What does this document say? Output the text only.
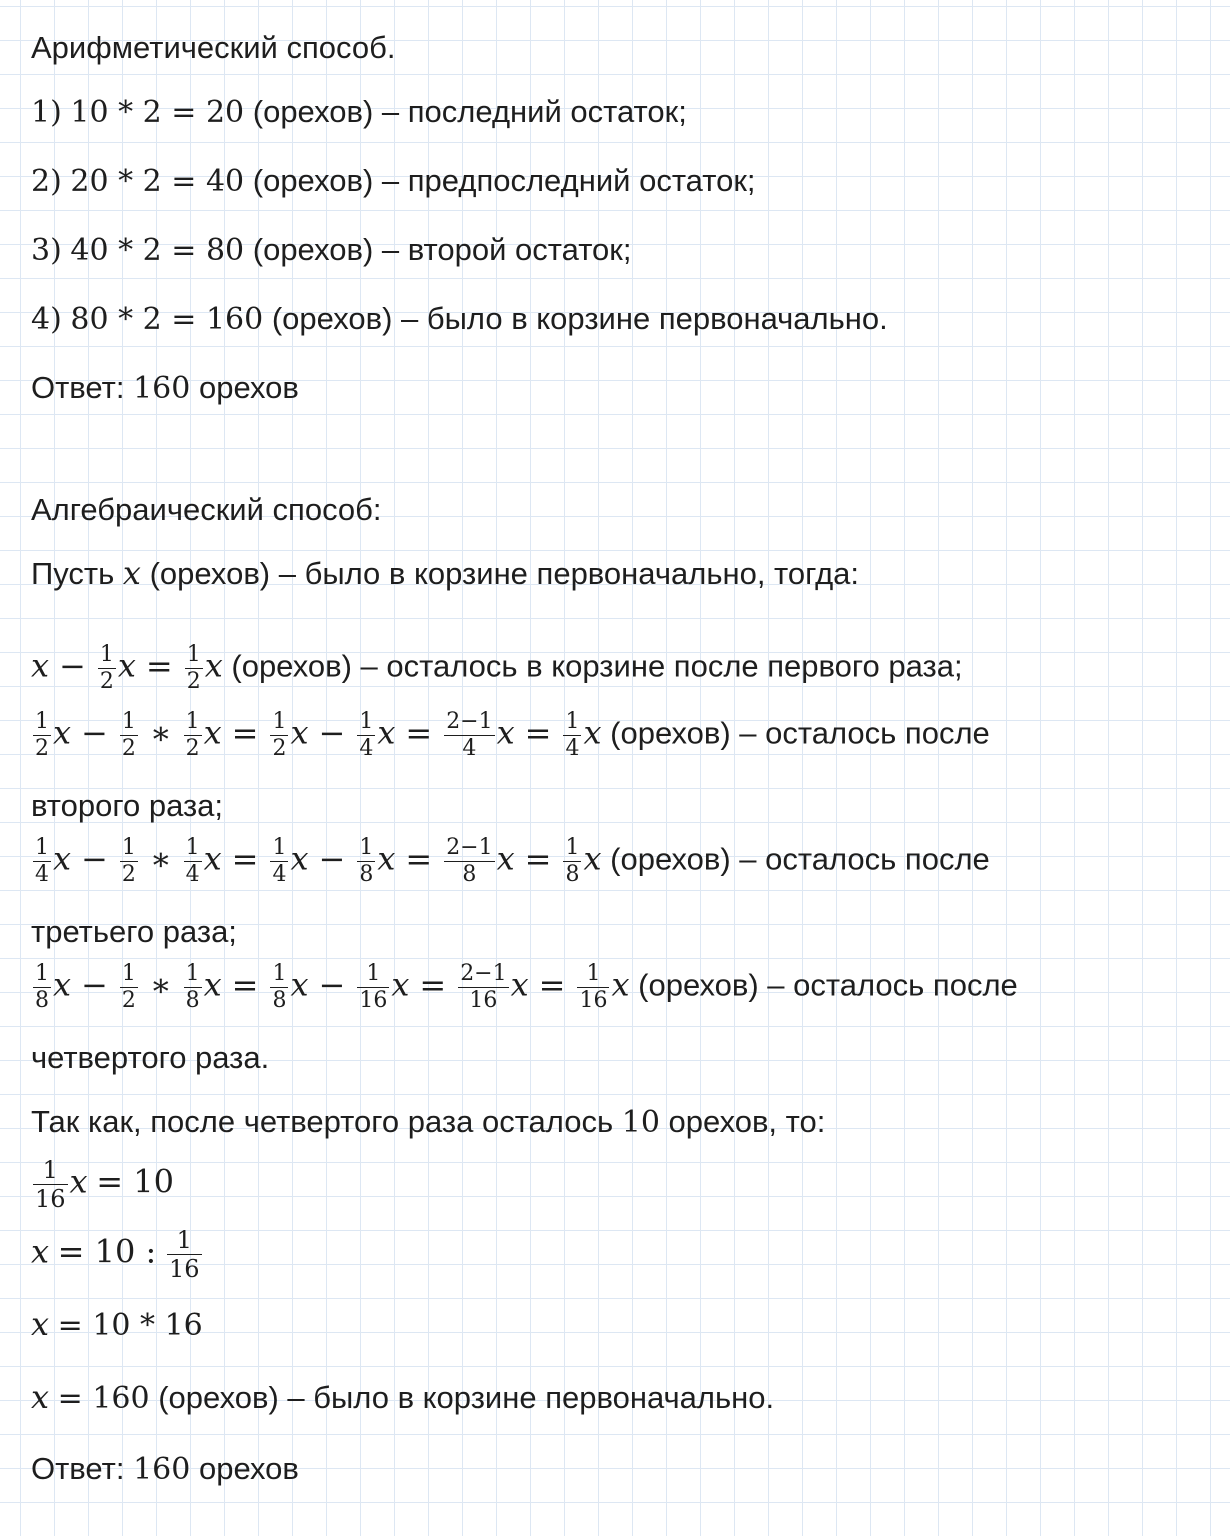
Арифметический способ.
1) 10 * 2 = 20 (орехов) – последний остаток;
2) 20 * 2 = 40 (орехов) – предпоследний остаток;
3) 40 * 2 = 80 (орехов) – второй остаток;
4) 80 * 2 = 160 (орехов) – было в корзине первоначально.
Ответ: 160 орехов
Алгебраический способ:
Пусть x (орехов) – было в корзине первоначально, тогда:
$x - \frac{1}{2}$ $x = \frac{1}{2}$ x (орехов) – осталось в корзине после первого раза;
$\frac{1}{2}$ $x - \frac{1}{2}$ ∗ $\frac{1}{2}$ $x = \frac{1}{2}$ $x - \frac{1}{4}$ $x = \frac{2-1}{4}$ $x = \frac{1}{4}$ x (орехов) – осталось после
второго раза;
$\frac{1}{4}$ $x - \frac{1}{2}$ ∗ $\frac{1}{4}$ $x = \frac{1}{4}$ $x - \frac{1}{8}$ $x = \frac{2-1}{8}$ $x = \frac{1}{8}$ x (орехов) – осталось после
третьего раза;
$\frac{1}{8}$ $x - \frac{1}{2}$ ∗ $\frac{1}{8}$ $x = \frac{1}{8}$ $x - \frac{1}{16}$ $x = \frac{2-1}{16}$ $x = \frac{1}{16}$ x (орехов) – осталось после
четвертого раза.
Так как, после четвертого раза осталось 10 орехов, то:
$\frac{1}{16}$ x = 10
x = 10 : $\frac{1}{16}$
x = 10 * 16
x = 160 (орехов) – было в корзине первоначально.
Ответ: 160 орехов
